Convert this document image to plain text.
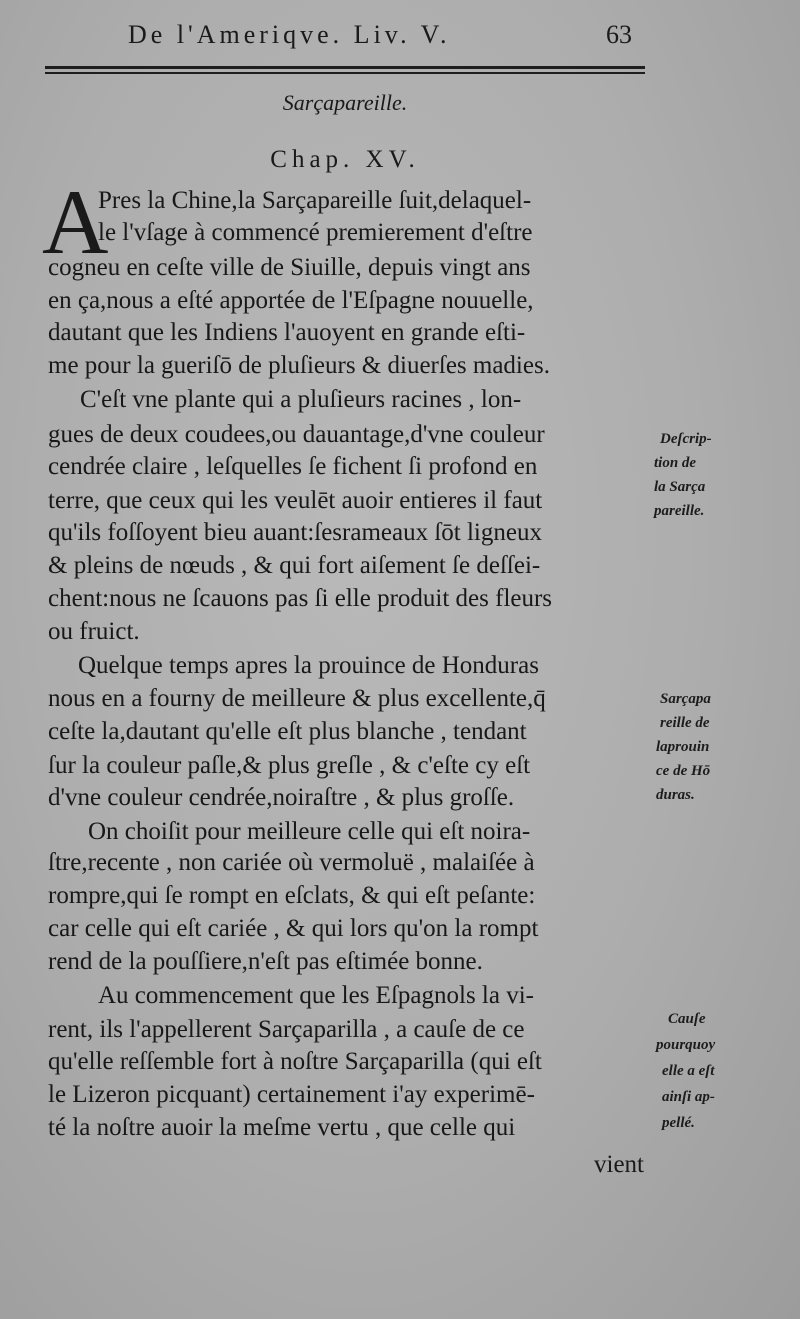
De l'Ameriqve. Liv. V.	63
Sarçapareille.
Chap. XV.
A
Pres la Chine,la Sarçapareille ſuit,delaquel-
le l'vſage à commencé premierement d'eſtre
cogneu en ceſte ville de Siuille, depuis vingt ans
en ça,nous a eſté apportée de l'Eſpagne nouuelle,
dautant que les Indiens l'auoyent en grande eſti-
me pour la gueriſō de pluſieurs & diuerſes madies.
C'eſt vne plante qui a pluſieurs racines , lon-
gues de deux coudees,ou dauantage,d'vne couleur
cendrée claire , leſquelles ſe fichent ſi profond en
terre, que ceux qui les veulēt auoir entieres il faut
qu'ils foſſoyent bieu auant:ſesrameaux ſōt ligneux
& pleins de nœuds , & qui fort aiſement ſe deſſei-
chent:nous ne ſcauons pas ſi elle produit des fleurs
ou fruict.
Quelque temps apres la prouince de Honduras
nous en a fourny de meilleure & plus excellente,q̄
ceſte la,dautant qu'elle eſt plus blanche , tendant
ſur la couleur paſle,& plus greſle , & c'eſte cy eſt
d'vne couleur cendrée,noiraſtre , & plus groſſe.
On choiſit pour meilleure celle qui eſt noira-
ſtre,recente , non cariée où vermoluë , malaiſée à
rompre,qui ſe rompt en eſclats, & qui eſt peſante:
car celle qui eſt cariée , & qui lors qu'on la rompt
rend de la pouſſiere,n'eſt pas eſtimée bonne.
Au commencement que les Eſpagnols la vi-
rent, ils l'appellerent Sarçaparilla , a cauſe de ce
qu'elle reſſemble fort à noſtre Sarçaparilla (qui eſt
le Lizeron picquant) certainement i'ay experimē-
té la noſtre auoir la meſme vertu , que celle qui
vient
Deſcrip-
tion de
la Sarça
pareille.
Sarçapa
reille de
laprouin
ce de Hō
duras.
Cauſe
pourquoy
elle a eſt
ainſi ap-
pellé.
